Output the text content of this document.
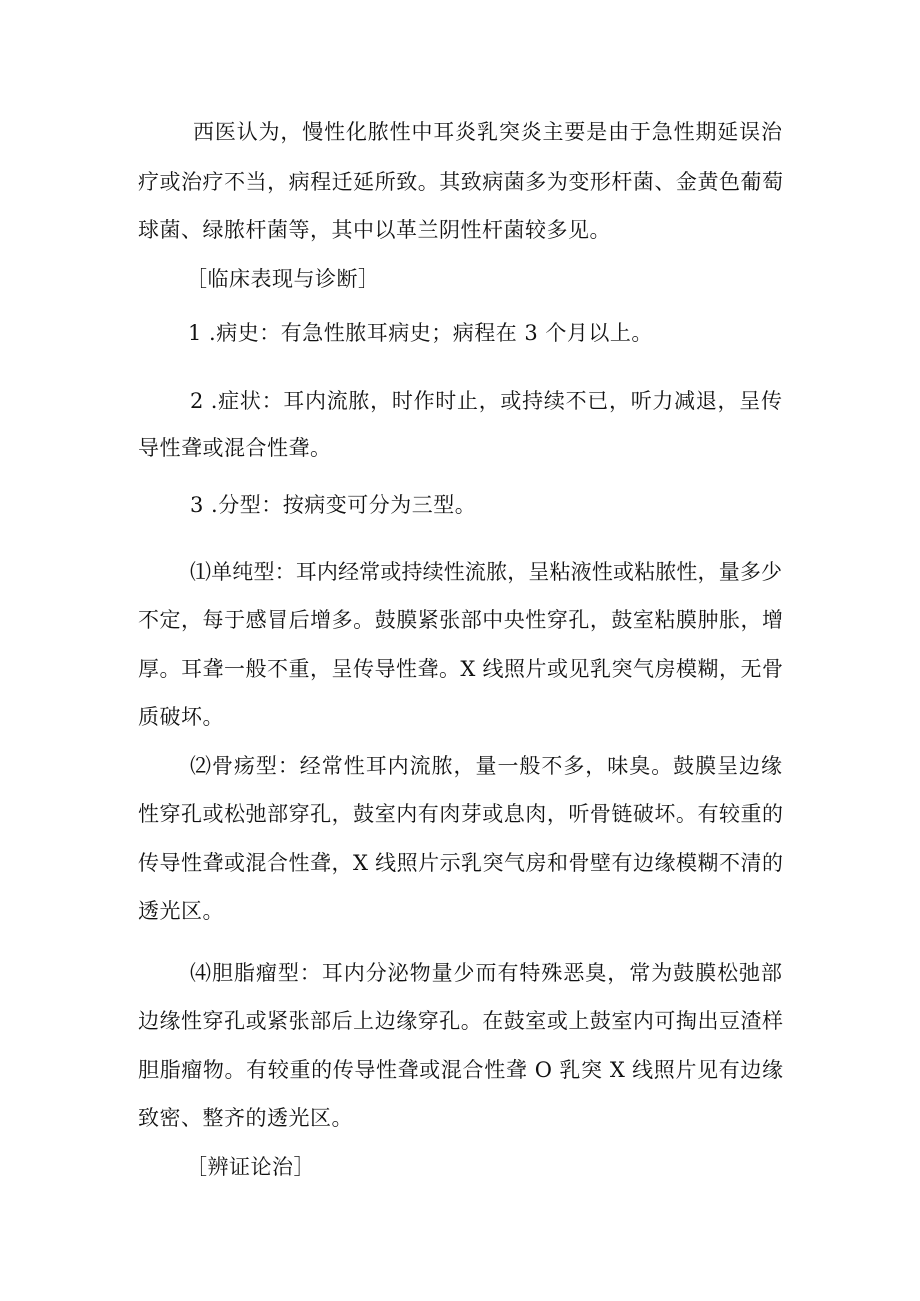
西医认为，慢性化脓性中耳炎乳突炎主要是由于急性期延误治
疗或治疗不当，病程迁延所致。其致病菌多为变形杆菌、金黄色葡萄
球菌、绿脓杆菌等，其中以革兰阴性杆菌较多见。
［临床表现与诊断］
1 .病史：有急性脓耳病史；病程在 3 个月以上。
2 .症状：耳内流脓，时作时止，或持续不已，听力减退，呈传
导性聋或混合性聋。
3 .分型：按病变可分为三型。
⑴单纯型：耳内经常或持续性流脓，呈粘液性或粘脓性，量多少
不定，每于感冒后增多。鼓膜紧张部中央性穿孔，鼓室粘膜肿胀，增
厚。耳聋一般不重，呈传导性聋。X 线照片或见乳突气房模糊，无骨
质破坏。
⑵骨疡型：经常性耳内流脓，量一般不多，味臭。鼓膜呈边缘
性穿孔或松弛部穿孔，鼓室内有肉芽或息肉，听骨链破坏。有较重的
传导性聋或混合性聋，X 线照片示乳突气房和骨壁有边缘模糊不清的
透光区。
⑷胆脂瘤型：耳内分泌物量少而有特殊恶臭，常为鼓膜松弛部
边缘性穿孔或紧张部后上边缘穿孔。在鼓室或上鼓室内可掏出豆渣样
胆脂瘤物。有较重的传导性聋或混合性聋 O 乳突 X 线照片见有边缘
致密、整齐的透光区。
［辨证论治］
